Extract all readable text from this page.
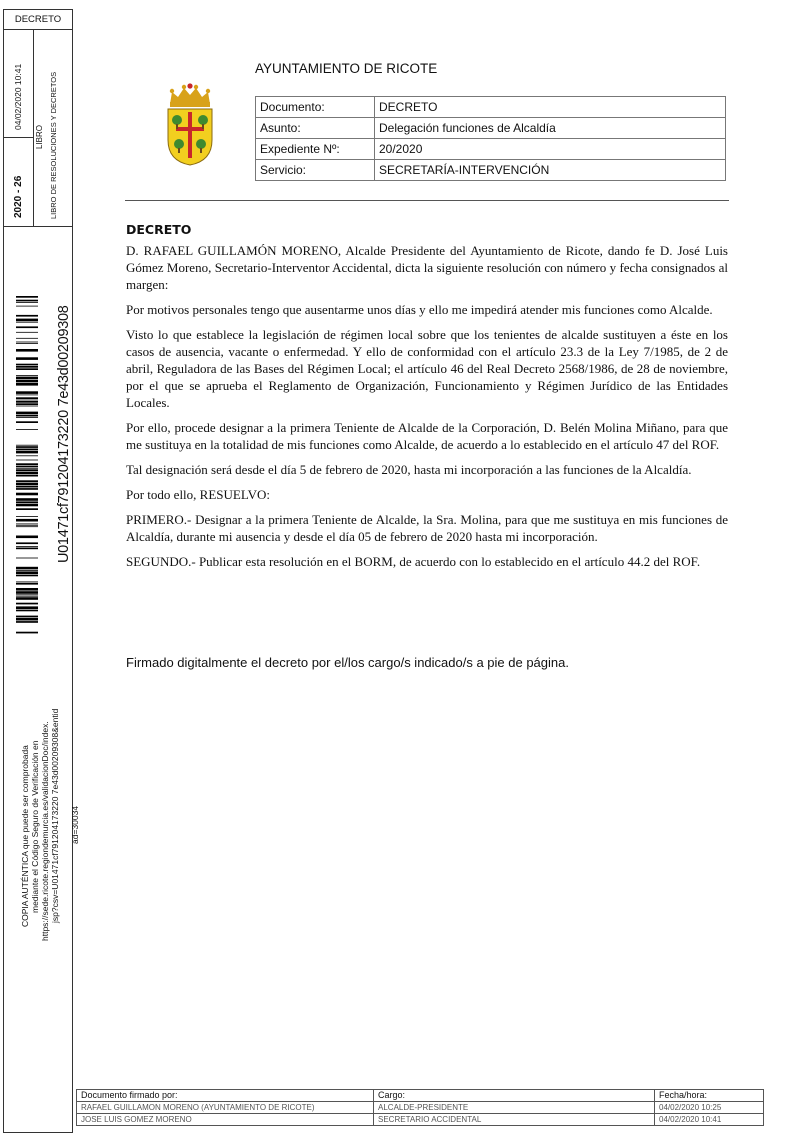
DECRETO
04/02/2020 10:41
2020 - 26
LIBRO LIBRO DE RESOLUCIONES Y DECRETOS
U01471cf791204173220 7e43d00209308
COPIA AUTÉNTICA que puede ser comprobada mediante el Código Seguro de Verificación en https://sede.ricote.regiondemurcia.es/validacionDoc/index. jsp?csv=U01471cf791204173220 7e43d00209308&entid ad=30034
AYUNTAMIENTO DE RICOTE
Documento:	DECRETO
Asunto:	Delegación funciones de Alcaldía
Expediente Nº:	20/2020
Servicio:	SECRETARÍA-INTERVENCIÓN
DECRETO

D. RAFAEL GUILLAMÓN MORENO, Alcalde Presidente del Ayuntamiento de Ricote, dando fe D. José Luis Gómez Moreno, Secretario-Interventor Accidental, dicta la siguiente resolución con número y fecha consignados al margen:

Por motivos personales tengo que ausentarme unos días y ello me impedirá atender mis funciones como Alcalde.

Visto lo que establece la legislación de régimen local sobre que los tenientes de alcalde sustituyen a éste en los casos de ausencia, vacante o enfermedad. Y ello de conformidad con el artículo 23.3 de la Ley 7/1985, de 2 de abril, Reguladora de las Bases del Régimen Local; el artículo 46 del Real Decreto 2568/1986, de 28 de noviembre, por el que se aprueba el Reglamento de Organización, Funcionamiento y Régimen Jurídico de las Entidades Locales.

Por ello, procede designar a la primera Teniente de Alcalde de la Corporación, D. Belén Molina Miñano, para que me sustituya en la totalidad de mis funciones como Alcalde, de acuerdo a lo establecido en el artículo 47 del ROF.

Tal designación será desde el día 5 de febrero de 2020, hasta mi incorporación a las funciones de la Alcaldía.

Por todo ello, RESUELVO:

PRIMERO.- Designar a la primera Teniente de Alcalde, la Sra. Molina, para que me sustituya en mis funciones de Alcaldía, durante mi ausencia y desde el día 05 de febrero de 2020 hasta mi incorporación.

SEGUNDO.- Publicar esta resolución en el BORM, de acuerdo con lo establecido en el artículo 44.2 del ROF.

Firmado digitalmente el decreto por el/los cargo/s indicado/s a pie de página.
Documento firmado por:	Cargo:	Fecha/hora:
RAFAEL GUILLAMON MORENO (AYUNTAMIENTO DE RICOTE)	ALCALDE-PRESIDENTE	04/02/2020 10:25
JOSE LUIS GOMEZ MORENO	SECRETARIO ACCIDENTAL	04/02/2020 10:41
